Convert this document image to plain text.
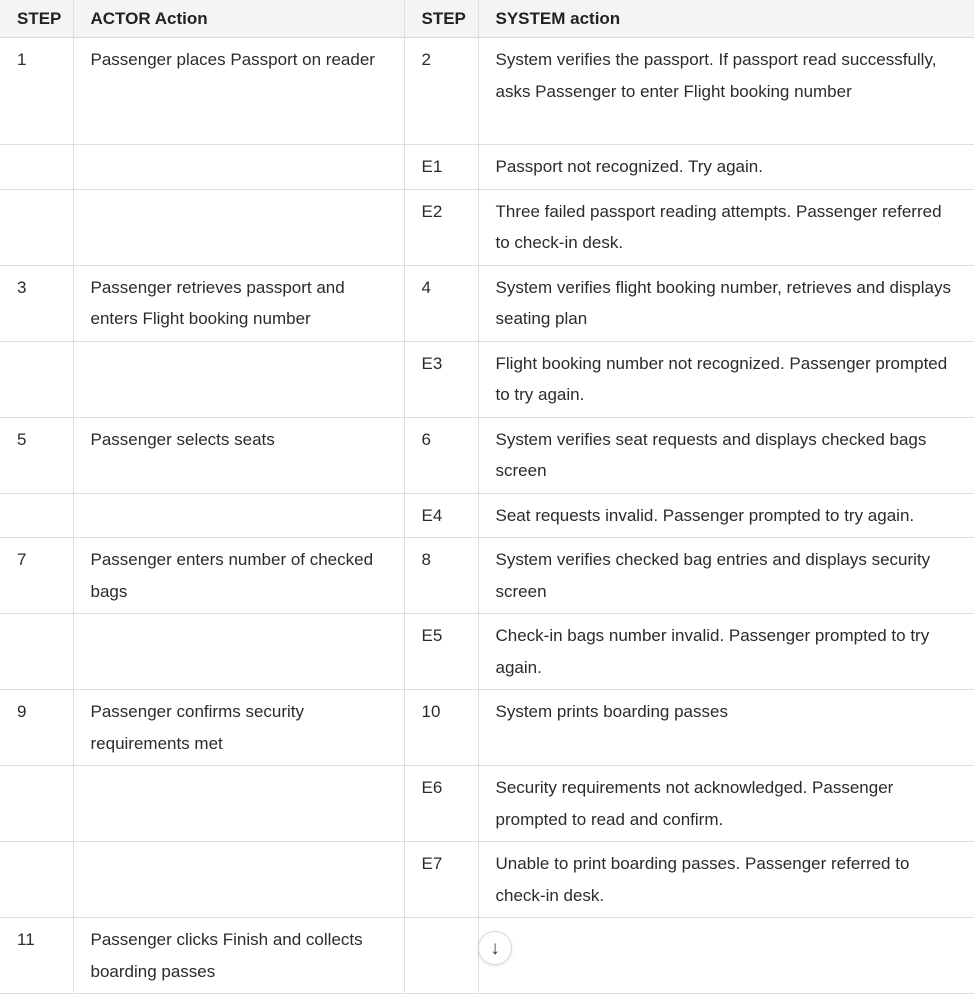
STEP	ACTOR Action	STEP	SYSTEM action
1	Passenger places Passport on reader	2	System verifies the passport. If passport read successfully, asks Passenger to enter Flight booking number
		E1	Passport not recognized. Try again.
		E2	Three failed passport reading attempts. Passenger referred to check-in desk.
3	Passenger retrieves passport and enters Flight booking number	4	System verifies flight booking number, retrieves and displays seating plan
		E3	Flight booking number not recognized. Passenger prompted to try again.
5	Passenger selects seats	6	System verifies seat requests and displays checked bags screen
		E4	Seat requests invalid. Passenger prompted to try again.
7	Passenger enters number of checked bags	8	System verifies checked bag entries and displays security screen
		E5	Check-in bags number invalid. Passenger prompted to try again.
9	Passenger confirms security requirements met	10	System prints boarding passes
		E6	Security requirements not acknowledged. Passenger prompted to read and confirm.
		E7	Unable to print boarding passes. Passenger referred to check-in desk.
11	Passenger clicks Finish and collects boarding passes		
↓
